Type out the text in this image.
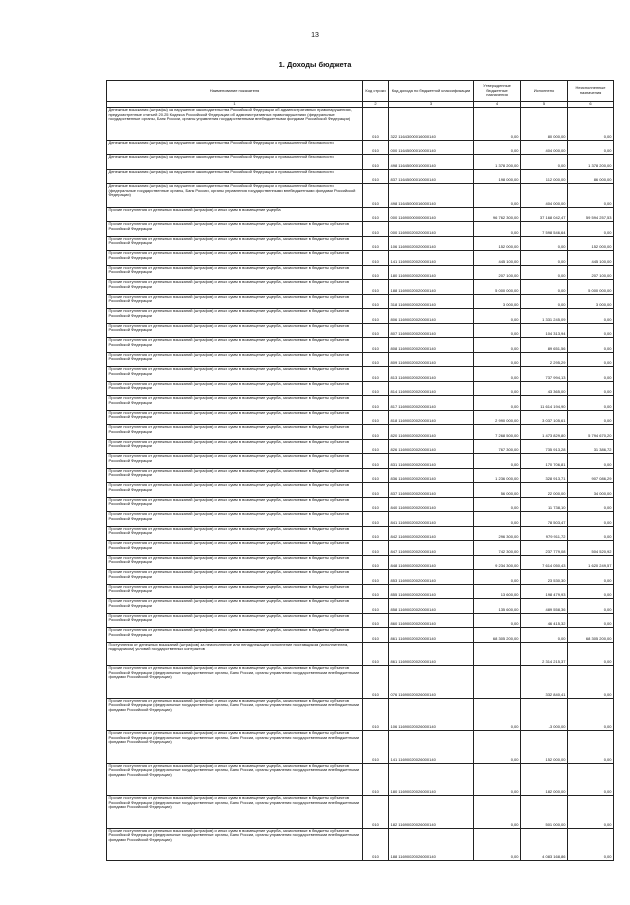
13
1. Доходы бюджета
Наименование показателя	Код строки	Код дохода по бюджетной классификации	Утвержденные бюджетные назначения	Исполнено	Неисполненные назначения
1	2	3	4	5	6
Денежные взыскания (штрафы) за нарушение законодательства Российской Федерации об административных правонарушениях, предусмотренные статьей 20.25 Кодекса Российской Федерации об административных правонарушениях (федеральные государственные органы, Банк России, органы управления государственными внебюджетными фондами Российской Федерации)	010	322 11643000016000140	0,00	80 000,00	0,00
Денежные взыскания (штрафы) за нарушение законодательства Российской Федерации о промышленной безопасности	010	000 11645000010000140	0,00	404 000,00	0,00
Денежные взыскания (штрафы) за нарушение законодательства Российской Федерации о промышленной безопасности	010	498 11645000010000140	1 378 200,00	0,00	1 378 200,00
Денежные взыскания (штрафы) за нарушение законодательства Российской Федерации о промышленной безопасности	010	837 11645000010000140	198 000,00	112 000,00	86 000,00
Денежные взыскания (штрафы) за нарушение законодательства Российской Федерации о промышленной безопасности (федеральные государственные органы, Банк России, органы управления государственными внебюджетными фондами Российской Федерации)	010	498 11645000016000140	0,00	404 000,00	0,00
Прочие поступления от денежных взысканий (штрафов) и иных сумм в возмещение ущерба	010	000 11690000000000140	96 762 300,00	37 168 042,47	59 594 257,53
Прочие поступления от денежных взысканий (штрафов) и иных сумм в возмещение ущерба, зачисляемые в бюджеты субъектов Российской Федерации	010	000 11690020020000140	0,00	7 598 546,64	0,00
Прочие поступления от денежных взысканий (штрафов) и иных сумм в возмещение ущерба, зачисляемые в бюджеты субъектов Российской Федерации	010	106 11690020020000140	152 000,00	0,00	152 000,00
Прочие поступления от денежных взысканий (штрафов) и иных сумм в возмещение ущерба, зачисляемые в бюджеты субъектов Российской Федерации	010	141 11690020020000140	445 100,00	0,00	445 100,00
Прочие поступления от денежных взысканий (штрафов) и иных сумм в возмещение ущерба, зачисляемые в бюджеты субъектов Российской Федерации	010	180 11690020020000140	207 100,00	0,00	207 100,00
Прочие поступления от денежных взысканий (штрафов) и иных сумм в возмещение ущерба, зачисляемые в бюджеты субъектов Российской Федерации	010	188 11690020020000140	5 000 000,00	0,00	5 000 000,00
Прочие поступления от денежных взысканий (штрафов) и иных сумм в возмещение ущерба, зачисляемые в бюджеты субъектов Российской Федерации	010	318 11690020020000140	3 000,00	0,00	3 000,00
Прочие поступления от денежных взысканий (штрафов) и иных сумм в возмещение ущерба, зачисляемые в бюджеты субъектов Российской Федерации	010	806 11690020020000140	0,00	1 331 245,09	0,00
Прочие поступления от денежных взысканий (штрафов) и иных сумм в возмещение ущерба, зачисляемые в бюджеты субъектов Российской Федерации	010	807 11690020020000140	0,00	104 313,94	0,00
Прочие поступления от денежных взысканий (штрафов) и иных сумм в возмещение ущерба, зачисляемые в бюджеты субъектов Российской Федерации	010	808 11690020020000140	0,00	89 651,56	0,00
Прочие поступления от денежных взысканий (штрафов) и иных сумм в возмещение ущерба, зачисляемые в бюджеты субъектов Российской Федерации	010	809 11690020020000140	0,00	2 295,29	0,00
Прочие поступления от денежных взысканий (штрафов) и иных сумм в возмещение ущерба, зачисляемые в бюджеты субъектов Российской Федерации	010	813 11690020020000140	0,00	737 994,13	0,00
Прочие поступления от денежных взысканий (штрафов) и иных сумм в возмещение ущерба, зачисляемые в бюджеты субъектов Российской Федерации	010	814 11690020020000140	0,00	43 365,00	0,00
Прочие поступления от денежных взысканий (штрафов) и иных сумм в возмещение ущерба, зачисляемые в бюджеты субъектов Российской Федерации	010	817 11690020020000140	0,00	11 614 194,90	0,00
Прочие поступления от денежных взысканий (штрафов) и иных сумм в возмещение ущерба, зачисляемые в бюджеты субъектов Российской Федерации	010	818 11690020020000140	2 990 000,00	3 037 105,61	0,00
Прочие поступления от денежных взысканий (штрафов) и иных сумм в возмещение ущерба, зачисляемые в бюджеты субъектов Российской Федерации	010	820 11690020020000140	7 268 500,00	1 473 829,80	5 794 670,20
Прочие поступления от денежных взысканий (штрафов) и иных сумм в возмещение ущерба, зачисляемые в бюджеты субъектов Российской Федерации	010	826 11690020020000140	767 300,00	735 913,28	31 386,72
Прочие поступления от денежных взысканий (штрафов) и иных сумм в возмещение ущерба, зачисляемые в бюджеты субъектов Российской Федерации	010	831 11690020020000140	0,00	170 706,81	0,00
Прочие поступления от денежных взысканий (штрафов) и иных сумм в возмещение ущерба, зачисляемые в бюджеты субъектов Российской Федерации	010	836 11690020020000140	1 236 000,00	328 913,71	907 086,29
Прочие поступления от денежных взысканий (штрафов) и иных сумм в возмещение ущерба, зачисляемые в бюджеты субъектов Российской Федерации	010	837 11690020020000140	56 000,00	22 000,00	34 000,00
Прочие поступления от денежных взысканий (штрафов) и иных сумм в возмещение ущерба, зачисляемые в бюджеты субъектов Российской Федерации	010	840 11690020020000140	0,00	11 738,10	0,00
Прочие поступления от денежных взысканий (штрафов) и иных сумм в возмещение ущерба, зачисляемые в бюджеты субъектов Российской Федерации	010	841 11690020020000140	0,00	78 503,47	0,00
Прочие поступления от денежных взысканий (штрафов) и иных сумм в возмещение ущерба, зачисляемые в бюджеты субъектов Российской Федерации	010	842 11690020020000140	296 300,00	979 911,72	0,00
Прочие поступления от денежных взысканий (штрафов) и иных сумм в возмещение ущерба, зачисляемые в бюджеты субъектов Российской Федерации	010	847 11690020020000140	742 300,00	237 779,08	504 520,92
Прочие поступления от денежных взысканий (штрафов) и иных сумм в возмещение ущерба, зачисляемые в бюджеты субъектов Российской Федерации	010	848 11690020020000140	9 234 300,00	7 614 050,43	1 620 249,57
Прочие поступления от денежных взысканий (штрафов) и иных сумм в возмещение ущерба, зачисляемые в бюджеты субъектов Российской Федерации	010	853 11690020020000140	0,00	23 530,30	0,00
Прочие поступления от денежных взысканий (штрафов) и иных сумм в возмещение ущерба, зачисляемые в бюджеты субъектов Российской Федерации	010	855 11690020020000140	13 600,00	198 479,93	0,00
Прочие поступления от денежных взысканий (штрафов) и иных сумм в возмещение ущерба, зачисляемые в бюджеты субъектов Российской Федерации	010	858 11690020020000140	135 600,00	489 558,36	0,00
Прочие поступления от денежных взысканий (штрафов) и иных сумм в возмещение ущерба, зачисляемые в бюджеты субъектов Российской Федерации	010	860 11690020020000140	0,00	46 415,32	0,00
Прочие поступления от денежных взысканий (штрафов) и иных сумм в возмещение ущерба, зачисляемые в бюджеты субъектов Российской Федерации	010	861 11690020020000140	68 305 200,00	0,00	68 305 200,00
Поступления от денежных взысканий (штрафов) за неисполнение или ненадлежащее исполнение поставщиком (исполнителем, подрядчиком) условий государственных контрактов	010	861 11690020020000140		2 314 215,37	0,00
Прочие поступления от денежных взысканий (штрафов) и иных сумм в возмещение ущерба, зачисляемые в бюджеты субъектов Российской Федерации (федеральные государственные органы, Банк России, органы управления государственными внебюджетными фондами Российской Федерации)	010	076 11690020026000140		332 840,41	0,00
Прочие поступления от денежных взысканий (штрафов) и иных сумм в возмещение ущерба, зачисляемые в бюджеты субъектов Российской Федерации (федеральные государственные органы, Банк России, органы управления государственными внебюджетными фондами Российской Федерации)	010	106 11690020026000140	0,00	-3 000,00	0,00
Прочие поступления от денежных взысканий (штрафов) и иных сумм в возмещение ущерба, зачисляемые в бюджеты субъектов Российской Федерации (федеральные государственные органы, Банк России, органы управления государственными внебюджетными фондами Российской Федерации)	010	141 11690020026000140	0,00	152 000,00	0,00
Прочие поступления от денежных взысканий (штрафов) и иных сумм в возмещение ущерба, зачисляемые в бюджеты субъектов Российской Федерации (федеральные государственные органы, Банк России, органы управления государственными внебюджетными фондами Российской Федерации)	010	180 11690020026000140	0,00	182 000,00	0,00
Прочие поступления от денежных взысканий (штрафов) и иных сумм в возмещение ущерба, зачисляемые в бюджеты субъектов Российской Федерации (федеральные государственные органы, Банк России, органы управления государственными внебюджетными фондами Российской Федерации)	010	182 11690020026000140	0,00	501 000,00	0,00
Прочие поступления от денежных взысканий (штрафов) и иных сумм в возмещение ущерба, зачисляемые в бюджеты субъектов Российской Федерации (федеральные государственные органы, Банк России, органы управления государственными внебюджетными фондами Российской Федерации)	010	188 11690020026000140	0,00	4 083 168,86	0,00
